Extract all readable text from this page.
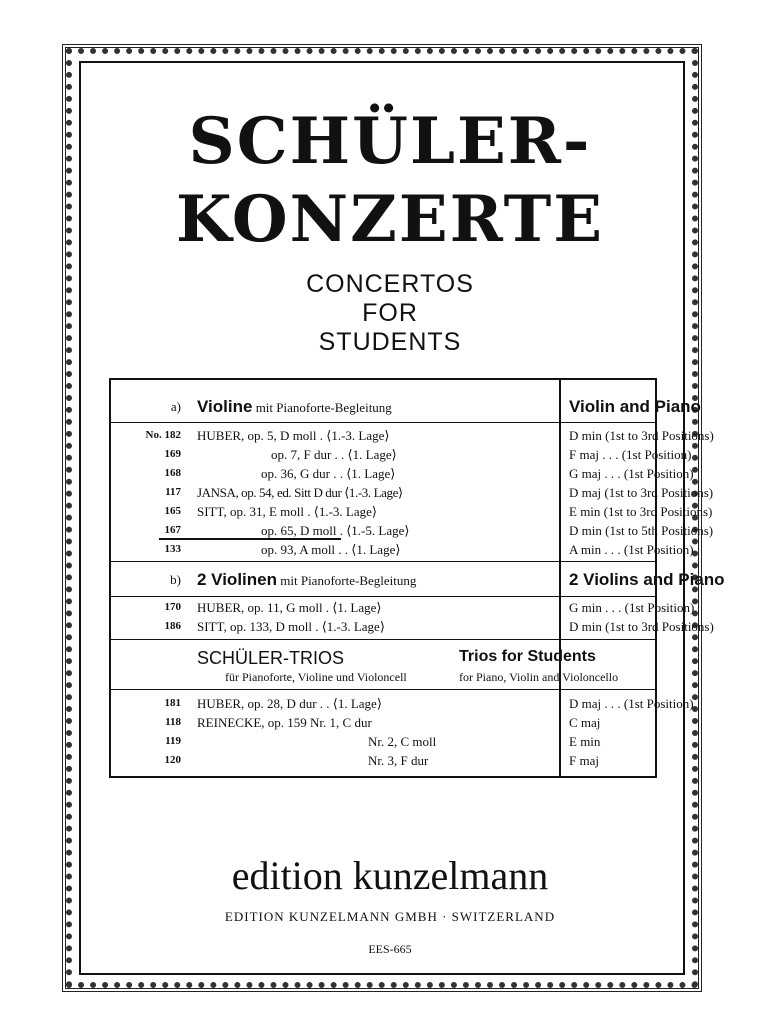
SCHÜLER-
KONZERTE
CONCERTOS
FOR
STUDENTS
a) Violine mit Pianoforte-Begleitung	Violin and Piano
No. 182 HUBER, op. 5, D moll . ⟨1.-3. Lage⟩	D min (1st to 3rd Positions)
169	op. 7, F dur . . ⟨1. Lage⟩	F maj . . . (1st Position)
168	op. 36, G dur . . ⟨1. Lage⟩	G maj . . . (1st Position)
117 JANSA, op. 54, ed. Sitt D dur ⟨1.-3. Lage⟩	D maj (1st to 3rd Positions)
165 SITT, op. 31, E moll . ⟨1.-3. Lage⟩	E min (1st to 3rd Positions)
167	op. 65, D moll . ⟨1.-5. Lage⟩	D min (1st to 5th Positions)
133	op. 93, A moll . . ⟨1. Lage⟩	A min . . . (1st Position)
b) 2 Violinen mit Pianoforte-Begleitung	2 Violins and Piano
170 HUBER, op. 11, G moll . ⟨1. Lage⟩	G min . . . (1st Position)
186 SITT, op. 133, D moll . ⟨1.-3. Lage⟩	D min (1st to 3rd Positions)
SCHÜLER-TRIOS
für Pianoforte, Violine und Violoncell
Trios for Students
for Piano, Violin and Violoncello
181 HUBER, op. 28, D dur . . ⟨1. Lage⟩	D maj . . . (1st Position)
118 REINECKE, op. 159 Nr. 1, C dur	C maj
119	Nr. 2, C moll	E min
120	Nr. 3, F dur	F maj
edition kunzelmann
EDITION KUNZELMANN GMBH · SWITZERLAND
EES-665
